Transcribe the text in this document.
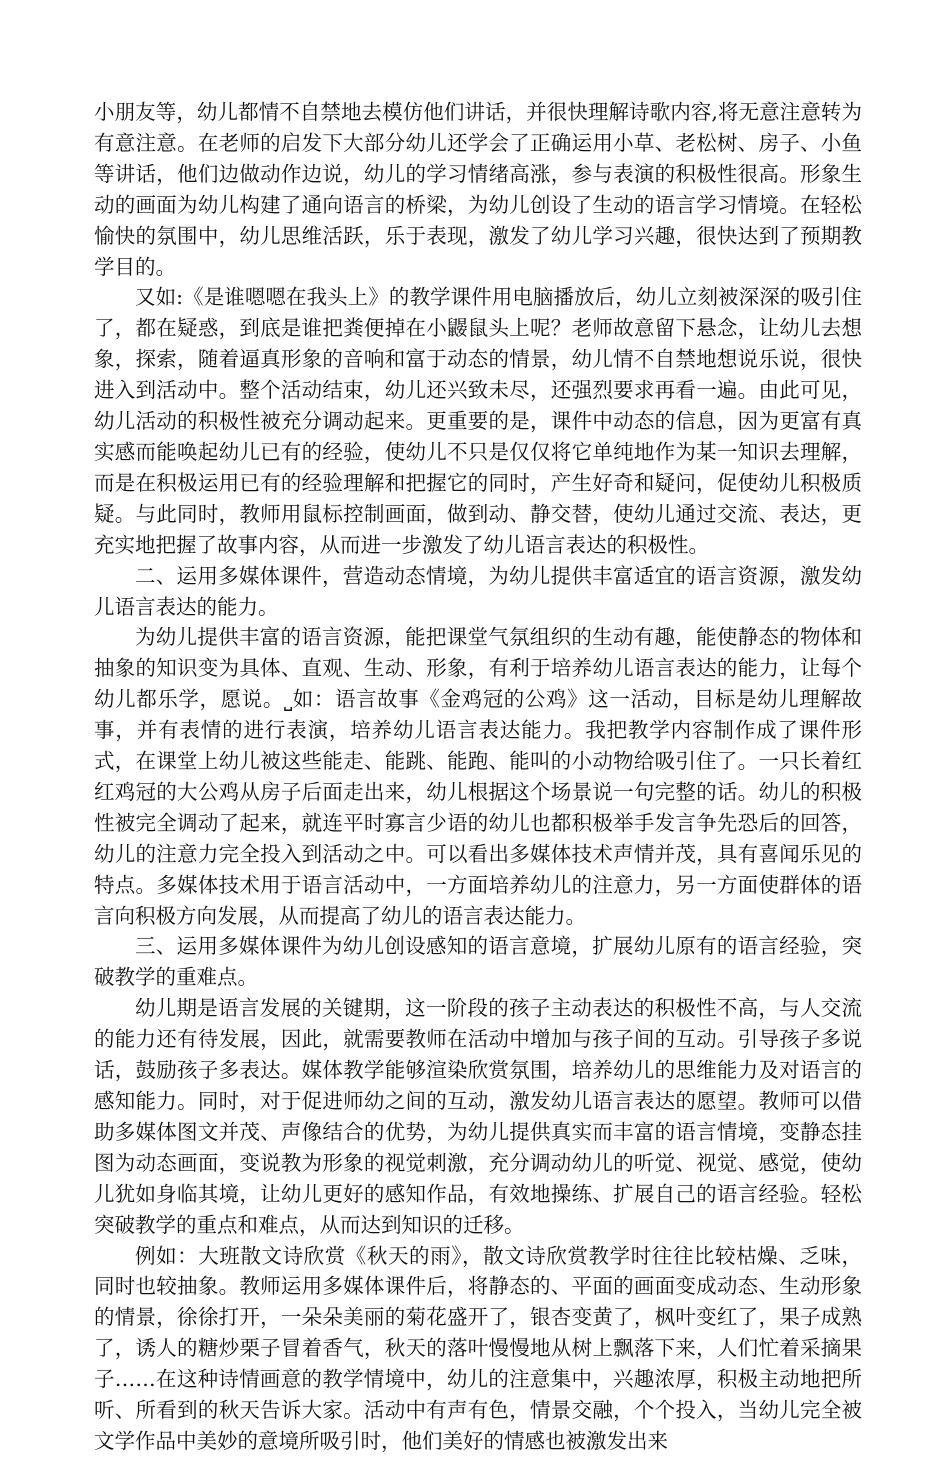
小朋友等，幼儿都情不自禁地去模仿他们讲话，并很快理解诗歌内容,将无意注意转为有意注意。在老师的启发下大部分幼儿还学会了正确运用小草、老松树、房子、小鱼等讲话，他们边做动作边说，幼儿的学习情绪高涨，参与表演的积极性很高。形象生动的画面为幼儿构建了通向语言的桥梁，为幼儿创设了生动的语言学习情境。在轻松愉快的氛围中，幼儿思维活跃，乐于表现，激发了幼儿学习兴趣，很快达到了预期教学目的。

又如:《是谁嗯嗯在我头上》的教学课件用电脑播放后，幼儿立刻被深深的吸引住了，都在疑惑，到底是谁把粪便掉在小鼹鼠头上呢？老师故意留下悬念，让幼儿去想象，探索，随着逼真形象的音响和富于动态的情景，幼儿情不自禁地想说乐说，很快进入到活动中。整个活动结束，幼儿还兴致未尽，还强烈要求再看一遍。由此可见，幼儿活动的积极性被充分调动起来。更重要的是，课件中动态的信息，因为更富有真实感而能唤起幼儿已有的经验，使幼儿不只是仅仅将它单纯地作为某一知识去理解，而是在积极运用已有的经验理解和把握它的同时，产生好奇和疑问，促使幼儿积极质疑。与此同时，教师用鼠标控制画面，做到动、静交替，使幼儿通过交流、表达，更充实地把握了故事内容，从而进一步激发了幼儿语言表达的积极性。

二、运用多媒体课件，营造动态情境，为幼儿提供丰富适宜的语言资源，激发幼儿语言表达的能力。

为幼儿提供丰富的语言资源，能把课堂气氛组织的生动有趣，能使静态的物体和抽象的知识变为具体、直观、生动、形象，有利于培养幼儿语言表达的能力，让每个幼儿都乐学，愿说。⎵如：语言故事《金鸡冠的公鸡》这一活动，目标是幼儿理解故事，并有表情的进行表演，培养幼儿语言表达能力。我把教学内容制作成了课件形式，在课堂上幼儿被这些能走、能跳、能跑、能叫的小动物给吸引住了。一只长着红红鸡冠的大公鸡从房子后面走出来，幼儿根据这个场景说一句完整的话。幼儿的积极性被完全调动了起来，就连平时寡言少语的幼儿也都积极举手发言争先恐后的回答，幼儿的注意力完全投入到活动之中。可以看出多媒体技术声情并茂，具有喜闻乐见的特点。多媒体技术用于语言活动中，一方面培养幼儿的注意力，另一方面使群体的语言向积极方向发展，从而提高了幼儿的语言表达能力。

三、运用多媒体课件为幼儿创设感知的语言意境，扩展幼儿原有的语言经验，突破教学的重难点。

幼儿期是语言发展的关键期，这一阶段的孩子主动表达的积极性不高，与人交流的能力还有待发展，因此，就需要教师在活动中增加与孩子间的互动。引导孩子多说话，鼓励孩子多表达。媒体教学能够渲染欣赏氛围，培养幼儿的思维能力及对语言的感知能力。同时，对于促进师幼之间的互动，激发幼儿语言表达的愿望。教师可以借助多媒体图文并茂、声像结合的优势，为幼儿提供真实而丰富的语言情境，变静态挂图为动态画面，变说教为形象的视觉刺激，充分调动幼儿的听觉、视觉、感觉，使幼儿犹如身临其境，让幼儿更好的感知作品，有效地操练、扩展自己的语言经验。轻松突破教学的重点和难点，从而达到知识的迁移。

例如：大班散文诗欣赏《秋天的雨》，散文诗欣赏教学时往往比较枯燥、乏味，同时也较抽象。教师运用多媒体课件后，将静态的、平面的画面变成动态、生动形象的情景，徐徐打开，一朵朵美丽的菊花盛开了，银杏变黄了，枫叶变红了，果子成熟了，诱人的糖炒栗子冒着香气，秋天的落叶慢慢地从树上飘落下来，人们忙着采摘果子……在这种诗情画意的教学情境中，幼儿的注意集中，兴趣浓厚，积极主动地把所听、所看到的秋天告诉大家。活动中有声有色，情景交融，个个投入，当幼儿完全被文学作品中美妙的意境所吸引时，他们美好的情感也被激发出来
